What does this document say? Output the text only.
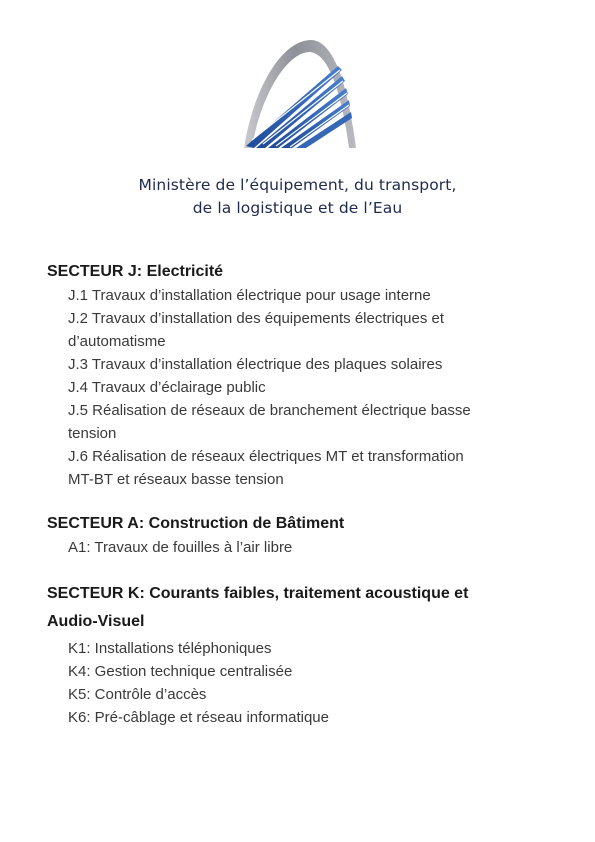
Ministère de l’équipement, du transport,
de la logistique et de l’Eau
SECTEUR J: Electricité
J.1 Travaux d’installation électrique pour usage interne
J.2 Travaux d’installation des équipements électriques et
d’automatisme
J.3 Travaux d’installation électrique des plaques solaires
J.4 Travaux d’éclairage public
J.5 Réalisation de réseaux de branchement électrique basse
tension
J.6 Réalisation de réseaux électriques MT et transformation
MT-BT et réseaux basse tension
SECTEUR A: Construction de Bâtiment
A1: Travaux de fouilles à l’air libre
SECTEUR K: Courants faibles, traitement acoustique et
Audio-Visuel
K1: Installations téléphoniques
K4: Gestion technique centralisée
K5: Contrôle d’accès
K6: Pré-câblage et réseau informatique
